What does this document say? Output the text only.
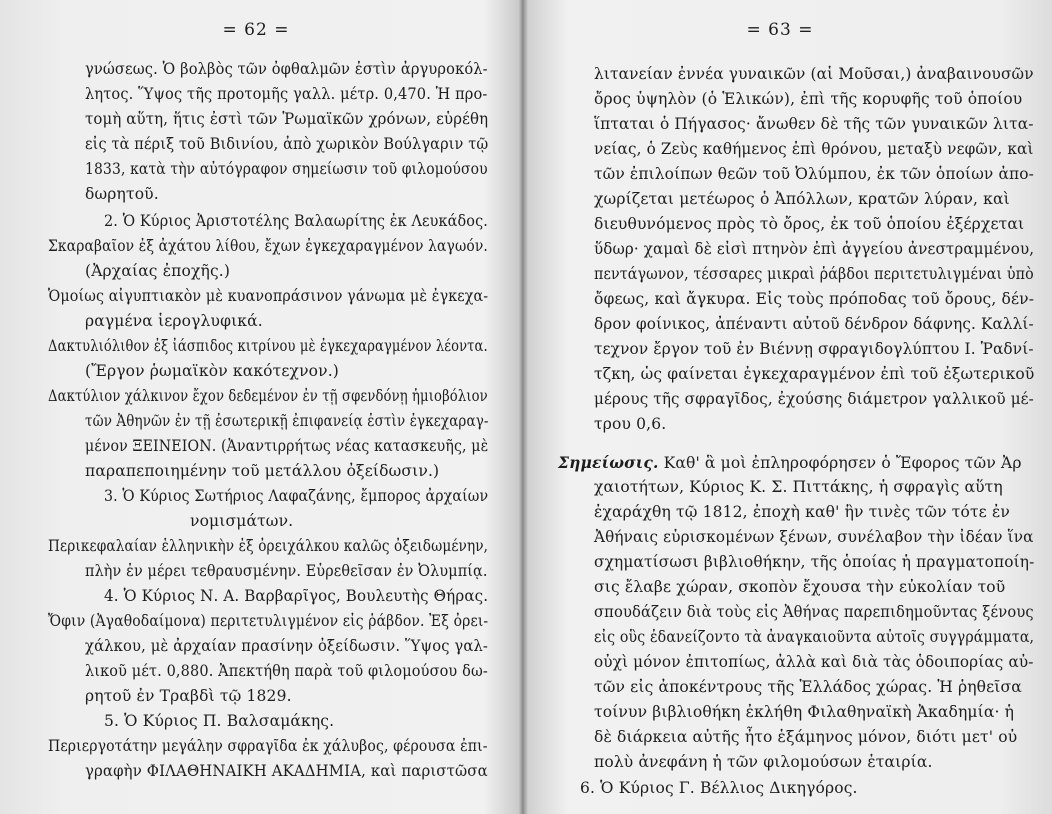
= 62 =
γνώσεως. Ὁ βολβὸς τῶν ὀφθαλμῶν ἐστὶν ἀργυροκόλ-
λητος. Ὕψος τῆς προτομῆς γαλλ. μέτρ. 0,470. Ἡ προ-
τομὴ αὕτη, ἥτις ἐστὶ τῶν Ῥωμαϊκῶν χρόνων, εὑρέθη
εἰς τὰ πέριξ τοῦ Βιδινίου, ἀπὸ χωρικὸν Βούλγαριν τῷ
1833, κατὰ τὴν αὐτόγραφον σημείωσιν τοῦ φιλομούσου
δωρητοῦ.
2. Ὁ Κύριος Ἀριστοτέλης Βαλαωρίτης ἐκ Λευκάδος.
Σκαραβαῖον ἐξ ἀχάτου λίθου, ἔχων ἐγκεχαραγμένον λαγωόν.
(Ἀρχαίας ἐποχῆς.)
Ὁμοίως αἰγυπτιακὸν μὲ κυανοπράσινον γάνωμα μὲ ἐγκεχα-
ραγμένα ἱερογλυφικά.
Δακτυλιόλιθον ἐξ ἰάσπιδος κιτρίνου μὲ ἐγκεχαραγμένον λέοντα.
(Ἔργον ῥωμαϊκὸν κακότεχνον.)
Δακτύλιον χάλκινον ἔχον δεδεμένον ἐν τῇ σφενδόνῃ ἡμιοβόλιον
τῶν Ἀθηνῶν ἐν τῇ ἐσωτερικῇ ἐπιφανείᾳ ἐστὶν ἐγκεχαραγ-
μένον ΞΕΙΝΕΙΟΝ. (Ἀναντιρρήτως νέας κατασκευῆς, μὲ
παραπεποιημένην τοῦ μετάλλου ὀξείδωσιν.)
3. Ὁ Κύριος Σωτήριος Λαφαζάνης, ἔμπορος ἀρχαίων
νομισμάτων.
Περικεφαλαίαν ἑλληνικὴν ἐξ ὀρειχάλκου καλῶς ὀξειδωμένην,
πλὴν ἐν μέρει τεθραυσμένην. Εὑρεθεῖσαν ἐν Ὀλυμπίᾳ.
4. Ὁ Κύριος Ν. Α. Βαρβαρῖγος, Βουλευτὴς Θήρας.
Ὄφιν (Ἀγαθοδαίμονα) περιτετυλιγμένον εἰς ῥάβδον. Ἐξ ὀρει-
χάλκου, μὲ ἀρχαίαν πρασίνην ὀξείδωσιν. Ὕψος γαλ-
λικοῦ μέτ. 0,880. Ἀπεκτήθη παρὰ τοῦ φιλομούσου δω-
ρητοῦ ἐν Τραβδὶ τῷ 1829.
5. Ὁ Κύριος Π. Βαλσαμάκης.
Περιεργοτάτην μεγάλην σφραγῖδα ἐκ χάλυβος, φέρουσα ἐπι-
γραφὴν ΦΙΛΑΘΗΝΑΙΚΗ ΑΚΑΔΗΜΙΑ, καὶ παριστῶσα
= 63 =
λιτανείαν ἐννέα γυναικῶν (αἱ Μοῦσαι,) ἀναβαινουσῶν
ὄρος ὑψηλὸν (ὁ Ἑλικών), ἐπὶ τῆς κορυφῆς τοῦ ὁποίου
ἵπταται ὁ Πήγασος· ἄνωθεν δὲ τῆς τῶν γυναικῶν λιτα-
νείας, ὁ Ζεὺς καθήμενος ἐπὶ θρόνου, μεταξὺ νεφῶν, καὶ
τῶν ἐπιλοίπων θεῶν τοῦ Ὀλύμπου, ἐκ τῶν ὁποίων ἀπο-
χωρίζεται μετέωρος ὁ Ἀπόλλων, κρατῶν λύραν, καὶ
διευθυνόμενος πρὸς τὸ ὄρος, ἐκ τοῦ ὁποίου ἐξέρχεται
ὕδωρ· χαμαὶ δὲ εἰσὶ πτηνὸν ἐπὶ ἀγγείου ἀνεστραμμένου,
πεντάγωνον, τέσσαρες μικραὶ ῥάβδοι περιτετυλιγμέναι ὑπὸ
ὄφεως, καὶ ἄγκυρα. Εἰς τοὺς πρόποδας τοῦ ὄρους, δέν-
δρον φοίνικος, ἀπέναντι αὐτοῦ δένδρον δάφνης. Καλλί-
τεχνον ἔργον τοῦ ἐν Βιέννῃ σφραγιδογλύπτου Ι. Ῥαδνί-
τζκη, ὡς φαίνεται ἐγκεχαραγμένον ἐπὶ τοῦ ἐξωτερικοῦ
μέρους τῆς σφραγῖδος, ἐχούσης διάμετρον γαλλικοῦ μέ-
τρου 0,6.
Σημείωσις. Καθ' ἃ μοὶ ἐπληροφόρησεν ὁ Ἔφορος τῶν Ἀρ
χαιοτήτων, Κύριος Κ. Σ. Πιττάκης, ἡ σφραγὶς αὕτη
ἐχαράχθη τῷ 1812, ἐποχὴ καθ' ἣν τινὲς τῶν τότε ἐν
Ἀθήναις εὑρισκομένων ξένων, συνέλαβον τὴν ἰδέαν ἵνα
σχηματίσωσι βιβλιοθήκην, τῆς ὁποίας ἡ πραγματοποίη-
σις ἔλαβε χώραν, σκοπὸν ἔχουσα τὴν εὐκολίαν τοῦ
σπουδάζειν διὰ τοὺς εἰς Ἀθήνας παρεπιδημοῦντας ξένους
εἰς οὓς ἐδανείζοντο τὰ ἀναγκαιοῦντα αὐτοῖς συγγράμματα,
οὐχὶ μόνον ἐπιτοπίως, ἀλλὰ καὶ διὰ τὰς ὁδοιπορίας αὐ-
τῶν εἰς ἀποκέντρους τῆς Ἑλλάδος χώρας. Ἡ ῥηθεῖσα
τοίνυν βιβλιοθήκη ἐκλήθη Φιλαθηναϊκὴ Ἀκαδημία· ἡ
δὲ διάρκεια αὐτῆς ἦτο ἑξάμηνος μόνον, διότι μετ' οὐ
πολὺ ἀνεφάνη ἡ τῶν φιλομούσων ἑταιρία.
6. Ὁ Κύριος Γ. Βέλλιος Δικηγόρος.
